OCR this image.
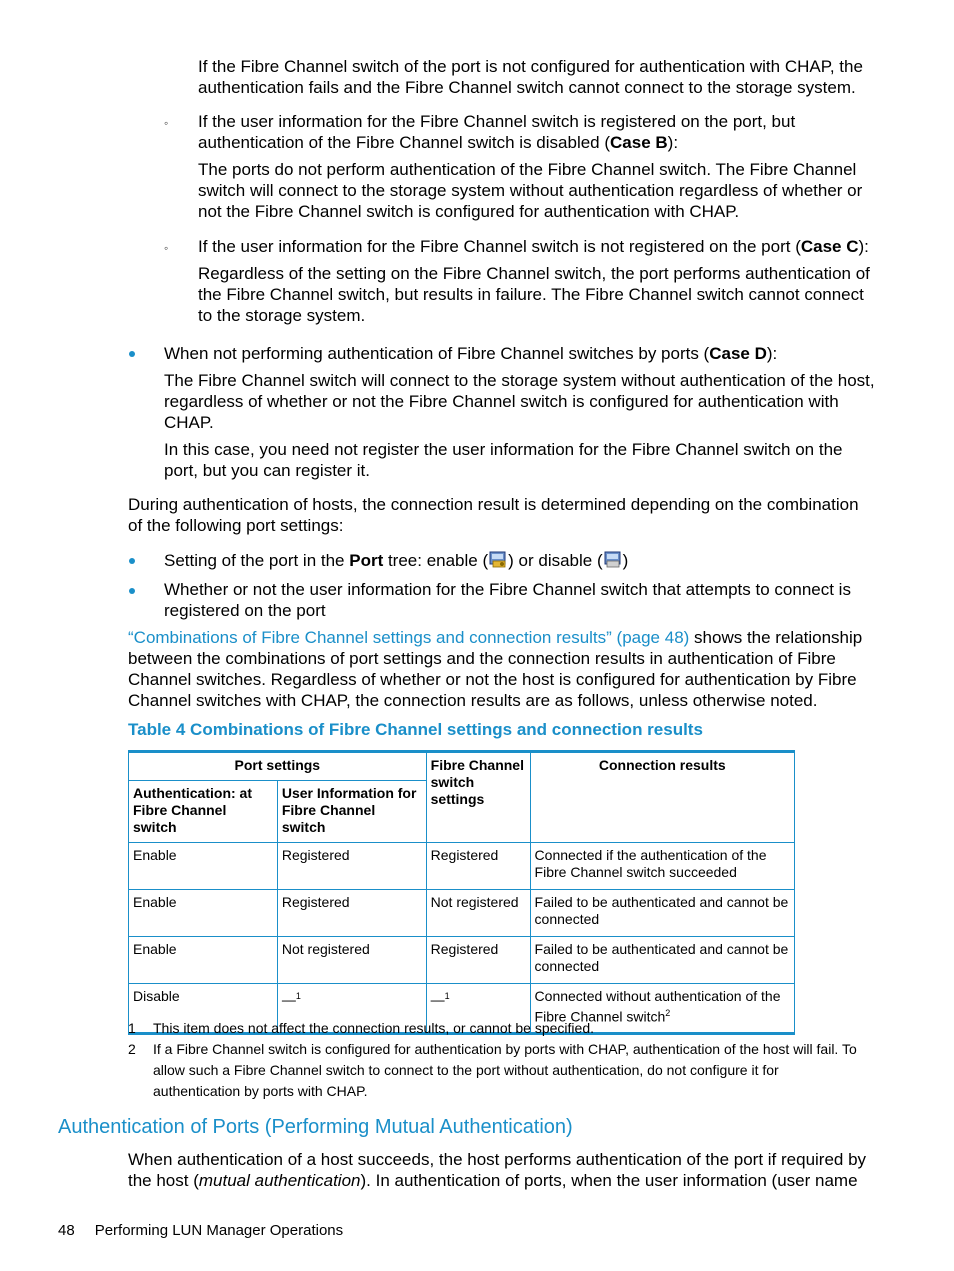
If the Fibre Channel switch of the port is not configured for authentication with CHAP, the authentication fails and the Fibre Channel switch cannot connect to the storage system.

◦ If the user information for the Fibre Channel switch is registered on the port, but authentication of the Fibre Channel switch is disabled (Case B):

The ports do not perform authentication of the Fibre Channel switch. The Fibre Channel switch will connect to the storage system without authentication regardless of whether or not the Fibre Channel switch is configured for authentication with CHAP.

◦ If the user information for the Fibre Channel switch is not registered on the port (Case C):

Regardless of the setting on the Fibre Channel switch, the port performs authentication of the Fibre Channel switch, but results in failure. The Fibre Channel switch cannot connect to the storage system.

When not performing authentication of Fibre Channel switches by ports (Case D):

The Fibre Channel switch will connect to the storage system without authentication of the host, regardless of whether or not the Fibre Channel switch is configured for authentication with CHAP.

In this case, you need not register the user information for the Fibre Channel switch on the port, but you can register it.

During authentication of hosts, the connection result is determined depending on the combination of the following port settings:

Setting of the port in the Port tree: enable ( ) or disable ( )

Whether or not the user information for the Fibre Channel switch that attempts to connect is registered on the port

“Combinations of Fibre Channel settings and connection results” (page 48) shows the relationship between the combinations of port settings and the connection results in authentication of Fibre Channel switches. Regardless of whether or not the host is configured for authentication by Fibre Channel switches with CHAP, the connection results are as follows, unless otherwise noted.

Table 4 Combinations of Fibre Channel settings and connection results

Port settings		Fibre Channel switch settings	Connection results
Authentication: at Fibre Channel switch	User Information for Fibre Channel switch		
Enable	Registered	Registered	Connected if the authentication of the Fibre Channel switch succeeded
Enable	Registered	Not registered	Failed to be authenticated and cannot be connected
Enable	Not registered	Registered	Failed to be authenticated and cannot be connected
Disable	—$^1$	—$^1$	Connected without authentication of the Fibre Channel switch$^2$
1 This item does not affect the connection results, or cannot be specified.

2 If a Fibre Channel switch is configured for authentication by ports with CHAP, authentication of the host will fail. To allow such a Fibre Channel switch to connect to the port without authentication, do not configure it for authentication by ports with CHAP.

Authentication of Ports (Performing Mutual Authentication)

When authentication of a host succeeds, the host performs authentication of the port if required by the host (mutual authentication). In authentication of ports, when the user information (user name

48 Performing LUN Manager Operations
